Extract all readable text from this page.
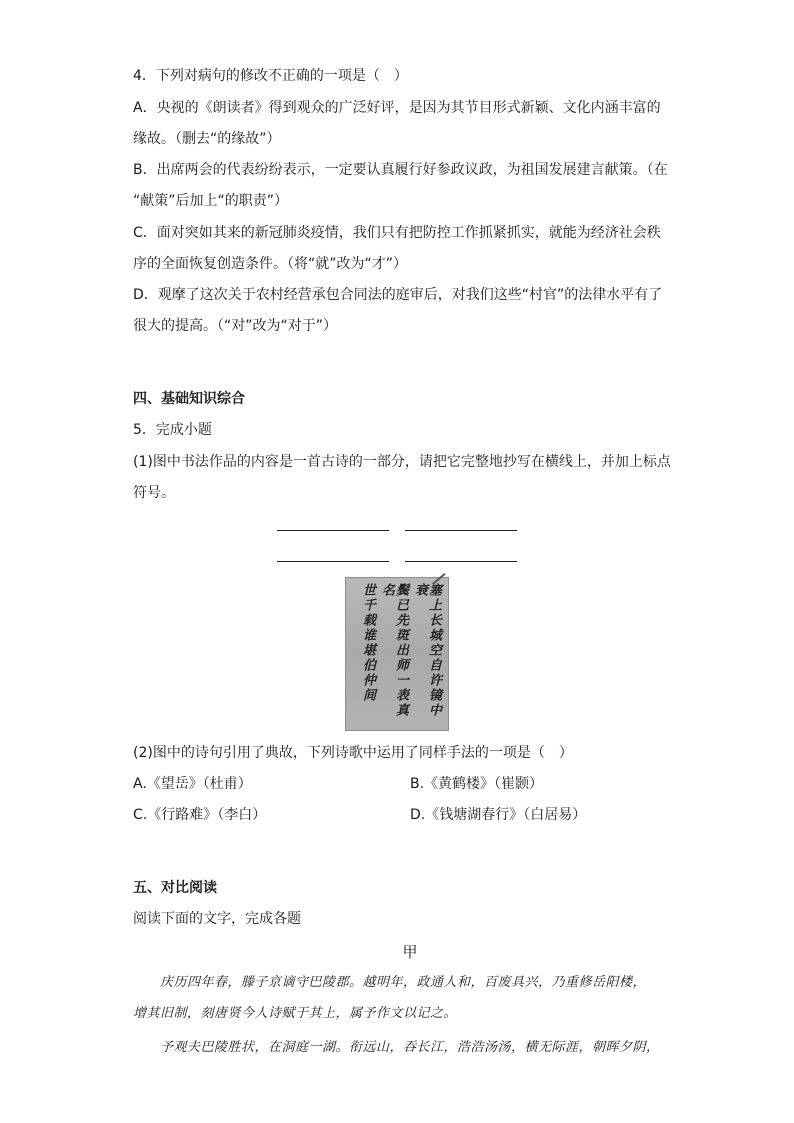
4．下列对病句的修改不正确的一项是（　）
A．央视的《朗读者》得到观众的广泛好评，是因为其节目形式新颖、文化内涵丰富的
缘故。（删去“的缘故”）
B．出席两会的代表纷纷表示，一定要认真履行好参政议政，为祖国发展建言献策。（在
“献策”后加上“的职责”）
C．面对突如其来的新冠肺炎疫情，我们只有把防控工作抓紧抓实，就能为经济社会秩
序的全面恢复创造条件。（将“就”改为“才”）
D．观摩了这次关于农村经营承包合同法的庭审后，对我们这些“村官”的法律水平有了
很大的提高。（“对”改为“对于”）
四、基础知识综合
5．完成小题
(1)图中书法作品的内容是一首古诗的一部分，请把它完整地抄写在横线上，并加上标点
符号。
塞上长城空自许镜中衰
鬓已先斑出师一表真名
世千载谁堪伯仲间
(2)图中的诗句引用了典故，下列诗歌中运用了同样手法的一项是（　）
A.《望岳》（杜甫）	B.《黄鹤楼》（崔颢）
C.《行路难》（李白）	D.《钱塘湖春行》（白居易）
五、对比阅读
阅读下面的文字，完成各题
甲
庆历四年春，滕子京谪守巴陵郡。越明年，政通人和，百废具兴，乃重修岳阳楼，
增其旧制，刻唐贤今人诗赋于其上，属予作文以记之。
予观夫巴陵胜状，在洞庭一湖。衔远山，吞长江，浩浩汤汤，横无际涯，朝晖夕阴，
